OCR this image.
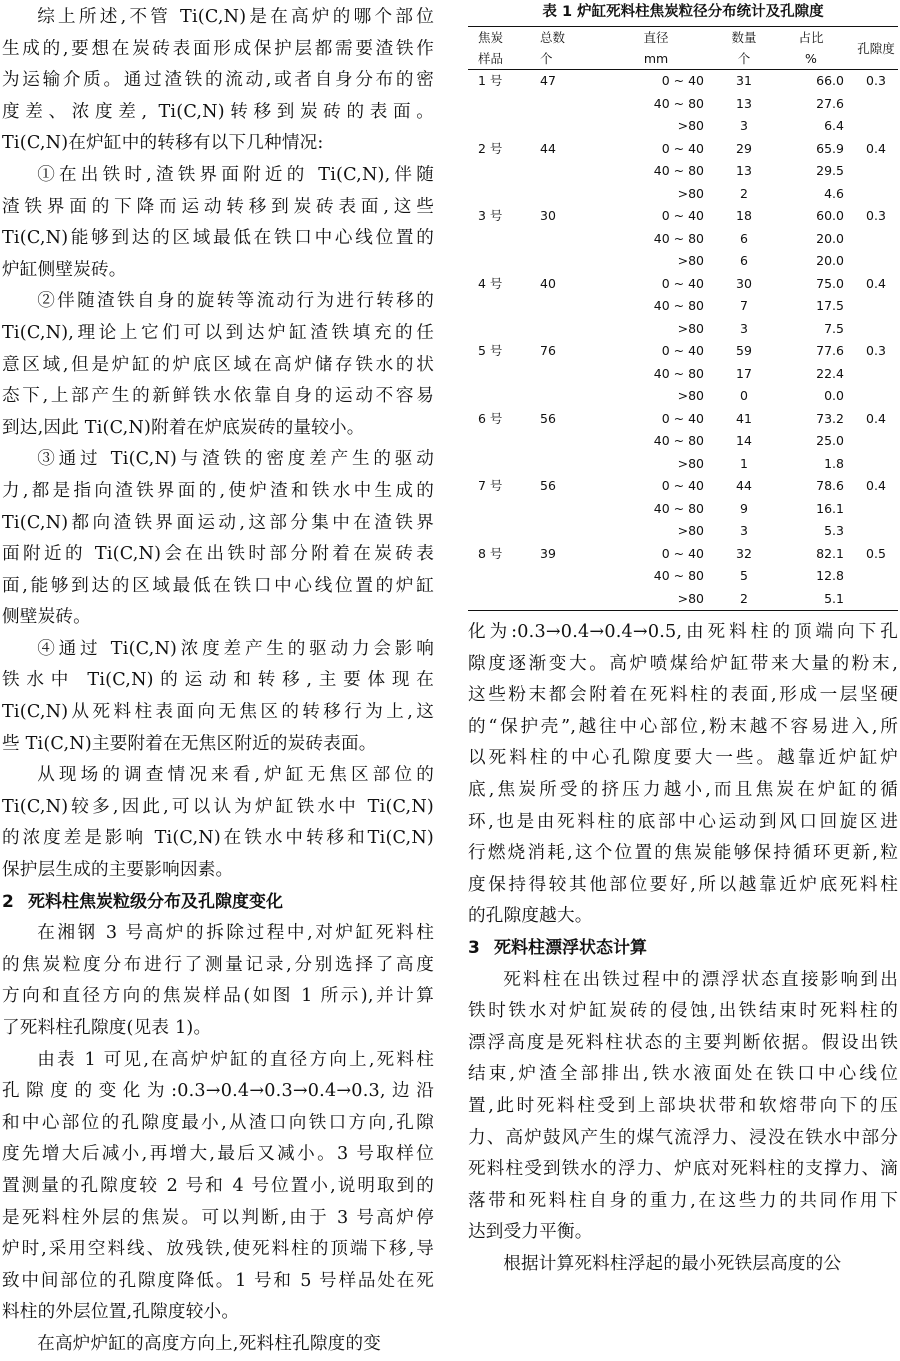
综上所述,不管 Ti(C,N)是在高炉的哪个部位
生成的,要想在炭砖表面形成保护层都需要渣铁作
为运输介质。通过渣铁的流动,或者自身分布的密
度差、浓度差, Ti(C,N)转移到炭砖的表面。
Ti(C,N)在炉缸中的转移有以下几种情况:

①在出铁时,渣铁界面附近的 Ti(C,N),伴随
渣铁界面的下降而运动转移到炭砖表面,这些
Ti(C,N)能够到达的区域最低在铁口中心线位置的
炉缸侧壁炭砖。

②伴随渣铁自身的旋转等流动行为进行转移的
Ti(C,N),理论上它们可以到达炉缸渣铁填充的任
意区域,但是炉缸的炉底区域在高炉储存铁水的状
态下,上部产生的新鲜铁水依靠自身的运动不容易
到达,因此 Ti(C,N)附着在炉底炭砖的量较小。

③通过 Ti(C,N)与渣铁的密度差产生的驱动
力,都是指向渣铁界面的,使炉渣和铁水中生成的
Ti(C,N)都向渣铁界面运动,这部分集中在渣铁界
面附近的 Ti(C,N)会在出铁时部分附着在炭砖表
面,能够到达的区域最低在铁口中心线位置的炉缸
侧壁炭砖。

④通过 Ti(C,N)浓度差产生的驱动力会影响
铁水中 Ti(C,N)的运动和转移,主要体现在
Ti(C,N)从死料柱表面向无焦区的转移行为上,这
些 Ti(C,N)主要附着在无焦区附近的炭砖表面。

从现场的调查情况来看,炉缸无焦区部位的
Ti(C,N)较多,因此,可以认为炉缸铁水中 Ti(C,N)
的浓度差是影响 Ti(C,N)在铁水中转移和Ti(C,N)
保护层生成的主要影响因素。

2 死料柱焦炭粒级分布及孔隙度变化

在湘钢 3 号高炉的拆除过程中,对炉缸死料柱
的焦炭粒度分布进行了测量记录,分别选择了高度
方向和直径方向的焦炭样品(如图 1 所示),并计算
了死料柱孔隙度(见表 1)。

由表 1 可见,在高炉炉缸的直径方向上,死料柱
孔隙度的变化为:0.3→0.4→0.3→0.4→0.3,边沿
和中心部位的孔隙度最小,从渣口向铁口方向,孔隙
度先增大后减小,再增大,最后又减小。3 号取样位
置测量的孔隙度较 2 号和 4 号位置小,说明取到的
是死料柱外层的焦炭。可以判断,由于 3 号高炉停
炉时,采用空料线、放残铁,使死料柱的顶端下移,导
致中间部位的孔隙度降低。1 号和 5 号样品处在死
料柱的外层位置,孔隙度较小。

在高炉炉缸的高度方向上,死料柱孔隙度的变

表 1 炉缸死料柱焦炭粒径分布统计及孔隙度
焦炭	总数	直径	数量	占比	孔隙度
样品	个	mm	个	%	
1 号	47	0 ~ 40	31	66.0	0.3
		40 ~ 80	13	27.6	
		>80	3	6.4	
2 号	44	0 ~ 40	29	65.9	0.4
		40 ~ 80	13	29.5	
		>80	2	4.6	
3 号	30	0 ~ 40	18	60.0	0.3
		40 ~ 80	6	20.0	
		>80	6	20.0	
4 号	40	0 ~ 40	30	75.0	0.4
		40 ~ 80	7	17.5	
		>80	3	7.5	
5 号	76	0 ~ 40	59	77.6	0.3
		40 ~ 80	17	22.4	
		>80	0	0.0	
6 号	56	0 ~ 40	41	73.2	0.4
		40 ~ 80	14	25.0	
		>80	1	1.8	
7 号	56	0 ~ 40	44	78.6	0.4
		40 ~ 80	9	16.1	
		>80	3	5.3	
8 号	39	0 ~ 40	32	82.1	0.5
		40 ~ 80	5	12.8	
		>80	2	5.1	

化为:0.3→0.4→0.4→0.5,由死料柱的顶端向下孔
隙度逐渐变大。高炉喷煤给炉缸带来大量的粉末,
这些粉末都会附着在死料柱的表面,形成一层坚硬
的“保护壳”,越往中心部位,粉末越不容易进入,所
以死料柱的中心孔隙度要大一些。越靠近炉缸炉
底,焦炭所受的挤压力越小,而且焦炭在炉缸的循
环,也是由死料柱的底部中心运动到风口回旋区进
行燃烧消耗,这个位置的焦炭能够保持循环更新,粒
度保持得较其他部位要好,所以越靠近炉底死料柱
的孔隙度越大。

3 死料柱漂浮状态计算

死料柱在出铁过程中的漂浮状态直接影响到出
铁时铁水对炉缸炭砖的侵蚀,出铁结束时死料柱的
漂浮高度是死料柱状态的主要判断依据。假设出铁
结束,炉渣全部排出,铁水液面处在铁口中心线位
置,此时死料柱受到上部块状带和软熔带向下的压
力、高炉鼓风产生的煤气流浮力、浸没在铁水中部分
死料柱受到铁水的浮力、炉底对死料柱的支撑力、滴
落带和死料柱自身的重力,在这些力的共同作用下
达到受力平衡。

根据计算死料柱浮起的最小死铁层高度的公
